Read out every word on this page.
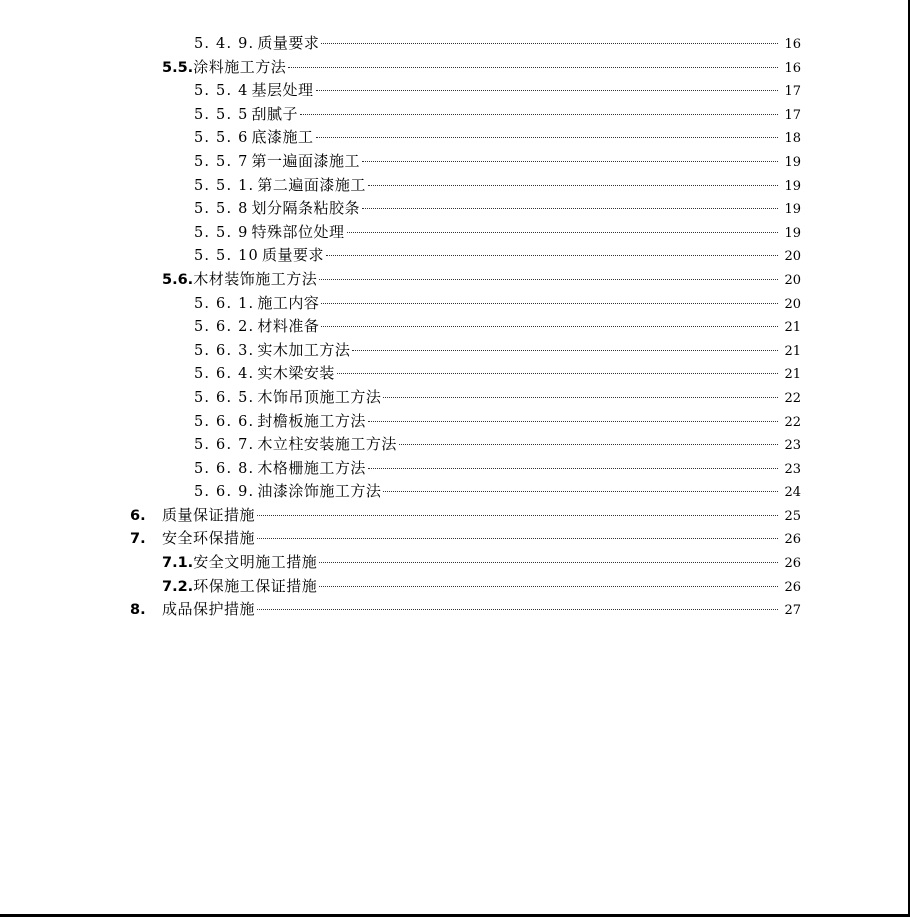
5. 4. 9. 质量要求	16
5.5. 涂料施工方法	16
5. 5. 4 基层处理	17
5. 5. 5 刮腻子	17
5. 5. 6 底漆施工	18
5. 5. 7 第一遍面漆施工	19
5. 5. 1. 第二遍面漆施工	19
5. 5. 8 划分隔条粘胶条	19
5. 5. 9 特殊部位处理	19
5. 5. 10 质量要求	20
5.6. 木材装饰施工方法	20
5. 6. 1. 施工内容	20
5. 6. 2. 材料准备	21
5. 6. 3. 实木加工方法	21
5. 6. 4. 实木梁安装	21
5. 6. 5. 木饰吊顶施工方法	22
5. 6. 6. 封檐板施工方法	22
5. 6. 7. 木立柱安装施工方法	23
5. 6. 8. 木格栅施工方法	23
5. 6. 9. 油漆涂饰施工方法	24
6.	质量保证措施	25
7.	安全环保措施	26
7.1. 安全文明施工措施	26
7.2. 环保施工保证措施	26
8.	成品保护措施	27
